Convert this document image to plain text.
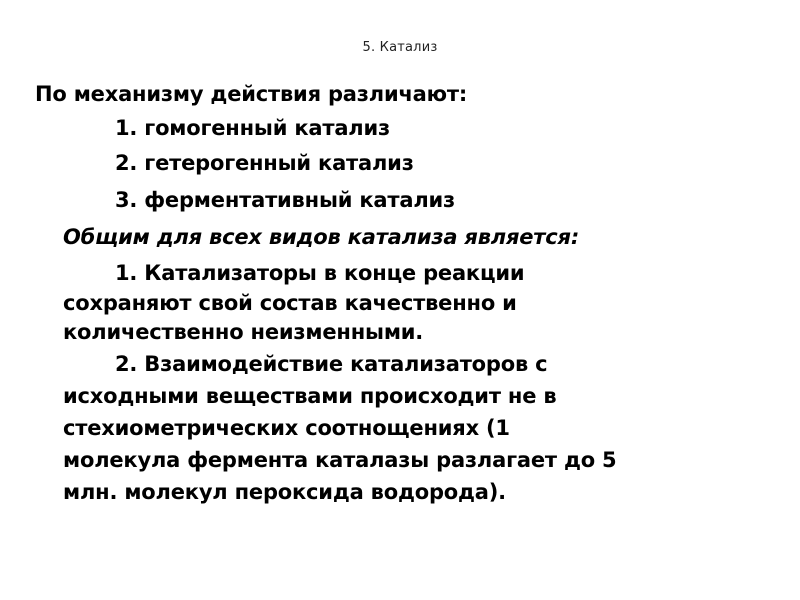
5. Катализ
По механизму действия различают:
1. гомогенный катализ
2. гетерогенный катализ
3. ферментативный катализ
Общим для всех видов катализа является:
1. Катализаторы в конце реакции
сохраняют свой состав качественно и
количественно неизменными.
2. Взаимодействие катализаторов с
исходными веществами происходит не в
стехиометрических соотнощениях (1
молекула фермента каталазы разлагает до 5
млн. молекул пероксида водорода).
